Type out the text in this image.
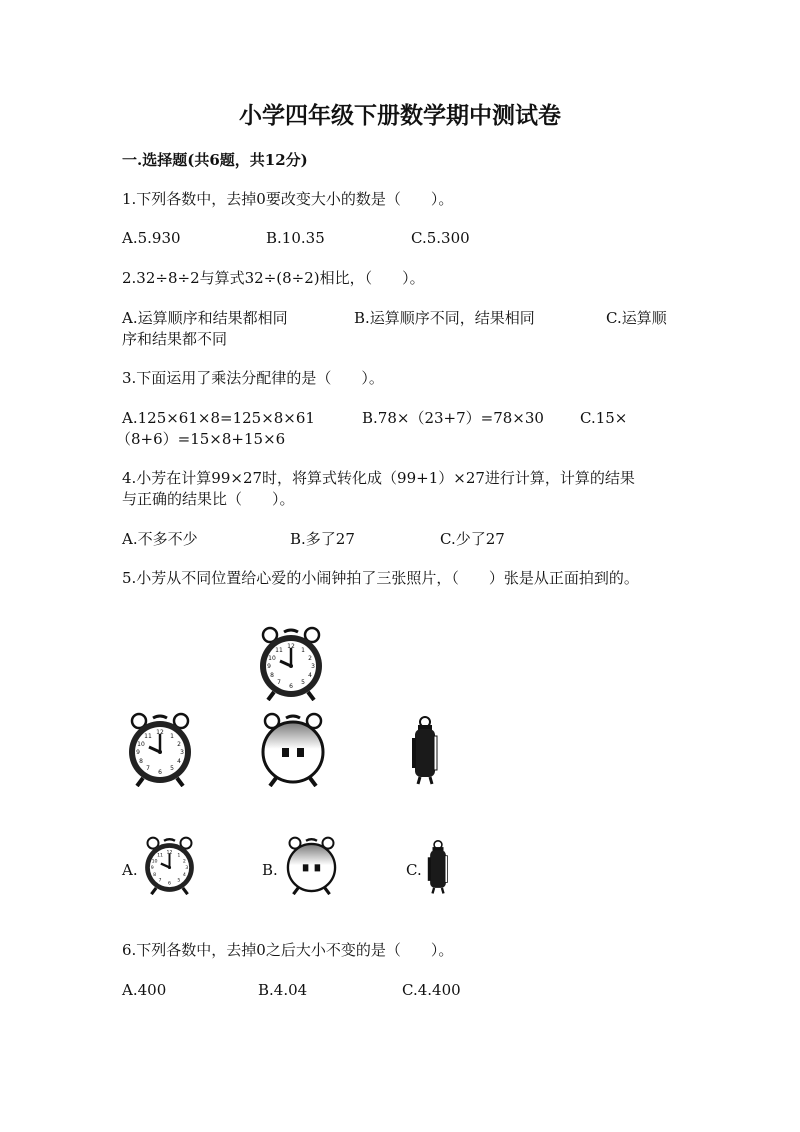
小学四年级下册数学期中测试卷
一.选择题(共6题，共12分)
1.下列各数中，去掉0要改变大小的数是（　　）。
A.5.930	B.10.35	C.5.300
2.32÷8÷2与算式32÷(8÷2)相比，（　　）。
A.运算顺序和结果都相同	B.运算顺序不同，结果相同	C.运算顺
序和结果都不同
3.下面运用了乘法分配律的是（　　）。
A.125×61×8=125×8×61	B.78×（23+7）=78×30 C.15×
（8+6）=15×8+15×6
4.小芳在计算99×27时，将算式转化成（99+1）×27进行计算，计算的结果
与正确的结果比（　　）。
A.不多不少	B.多了27	C.少了27
5.小芳从不同位置给心爱的小闹钟拍了三张照片，（　　）张是从正面拍到的。
A.	B.	C.
6.下列各数中，去掉0之后大小不变的是（　　）。
A.400	B.4.04	C.4.400
